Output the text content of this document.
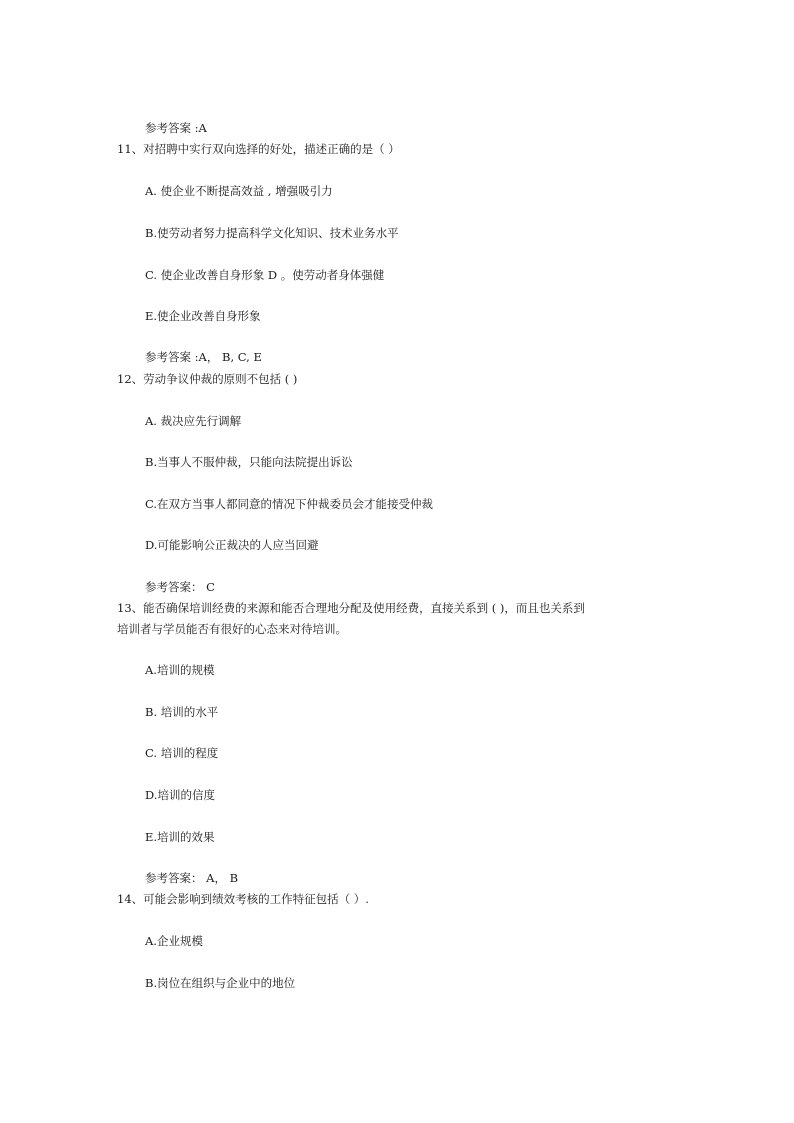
参考答案 :A
11、对招聘中实行双向选择的好处，描述正确的是（ ）
A. 使企业不断提高效益 , 增强吸引力
B.使劳动者努力提高科学文化知识、技术业务水平
C. 使企业改善自身形象 D 。使劳动者身体强健
E.使企业改善自身形象
参考答案 :A， B, C, E
12、劳动争议仲裁的原则不包括 ( )
A. 裁决应先行调解
B.当事人不服仲裁，只能向法院提出诉讼
C.在双方当事人都同意的情况下仲裁委员会才能接受仲裁
D.可能影响公正裁决的人应当回避
参考答案： C
13、能否确保培训经费的来源和能否合理地分配及使用经费，直接关系到 ( )，而且也关系到
培训者与学员能否有很好的心态来对待培训。
A.培训的规模
B. 培训的水平
C. 培训的程度
D.培训的信度
E.培训的效果
参考答案： A， B
14、可能会影响到绩效考核的工作特征包括（ ）.
A.企业规模
B.岗位在组织与企业中的地位
